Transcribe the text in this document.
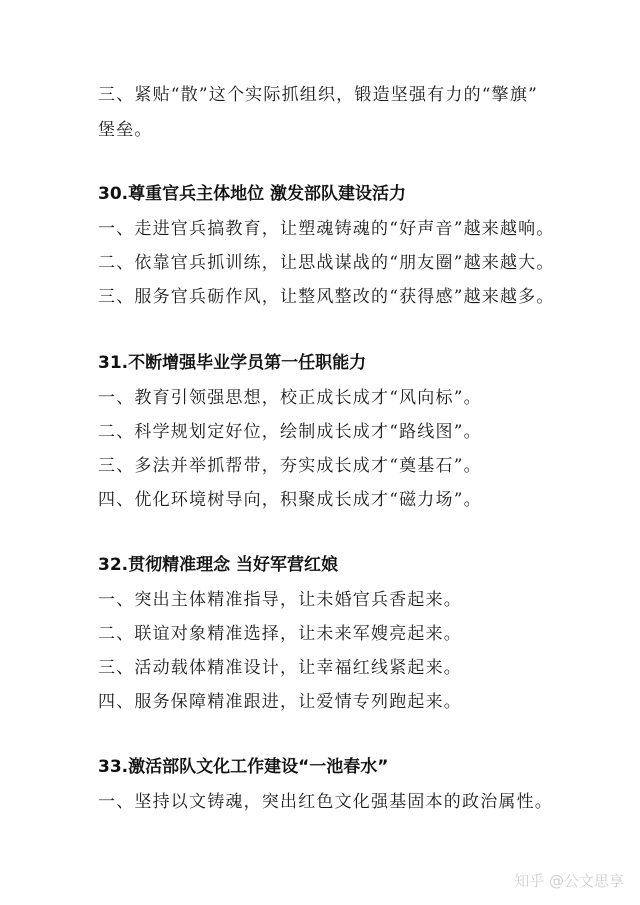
三、紧贴“散”这个实际抓组织，锻造坚强有力的“擎旗”
堡垒。
30.尊重官兵主体地位 激发部队建设活力
一、走进官兵搞教育，让塑魂铸魂的“好声音”越来越响。
二、依靠官兵抓训练，让思战谋战的“朋友圈”越来越大。
三、服务官兵砺作风，让整风整改的“获得感”越来越多。
31.不断增强毕业学员第一任职能力
一、教育引领强思想，校正成长成才“风向标”。
二、科学规划定好位，绘制成长成才“路线图”。
三、多法并举抓帮带，夯实成长成才“奠基石”。
四、优化环境树导向，积聚成长成才“磁力场”。
32.贯彻精准理念 当好军营红娘
一、突出主体精准指导，让未婚官兵香起来。
二、联谊对象精准选择，让未来军嫂亮起来。
三、活动载体精准设计，让幸福红线紧起来。
四、服务保障精准跟进，让爱情专列跑起来。
33.激活部队文化工作建设“一池春水”
一、坚持以文铸魂，突出红色文化强基固本的政治属性。
知乎 @公文思享
